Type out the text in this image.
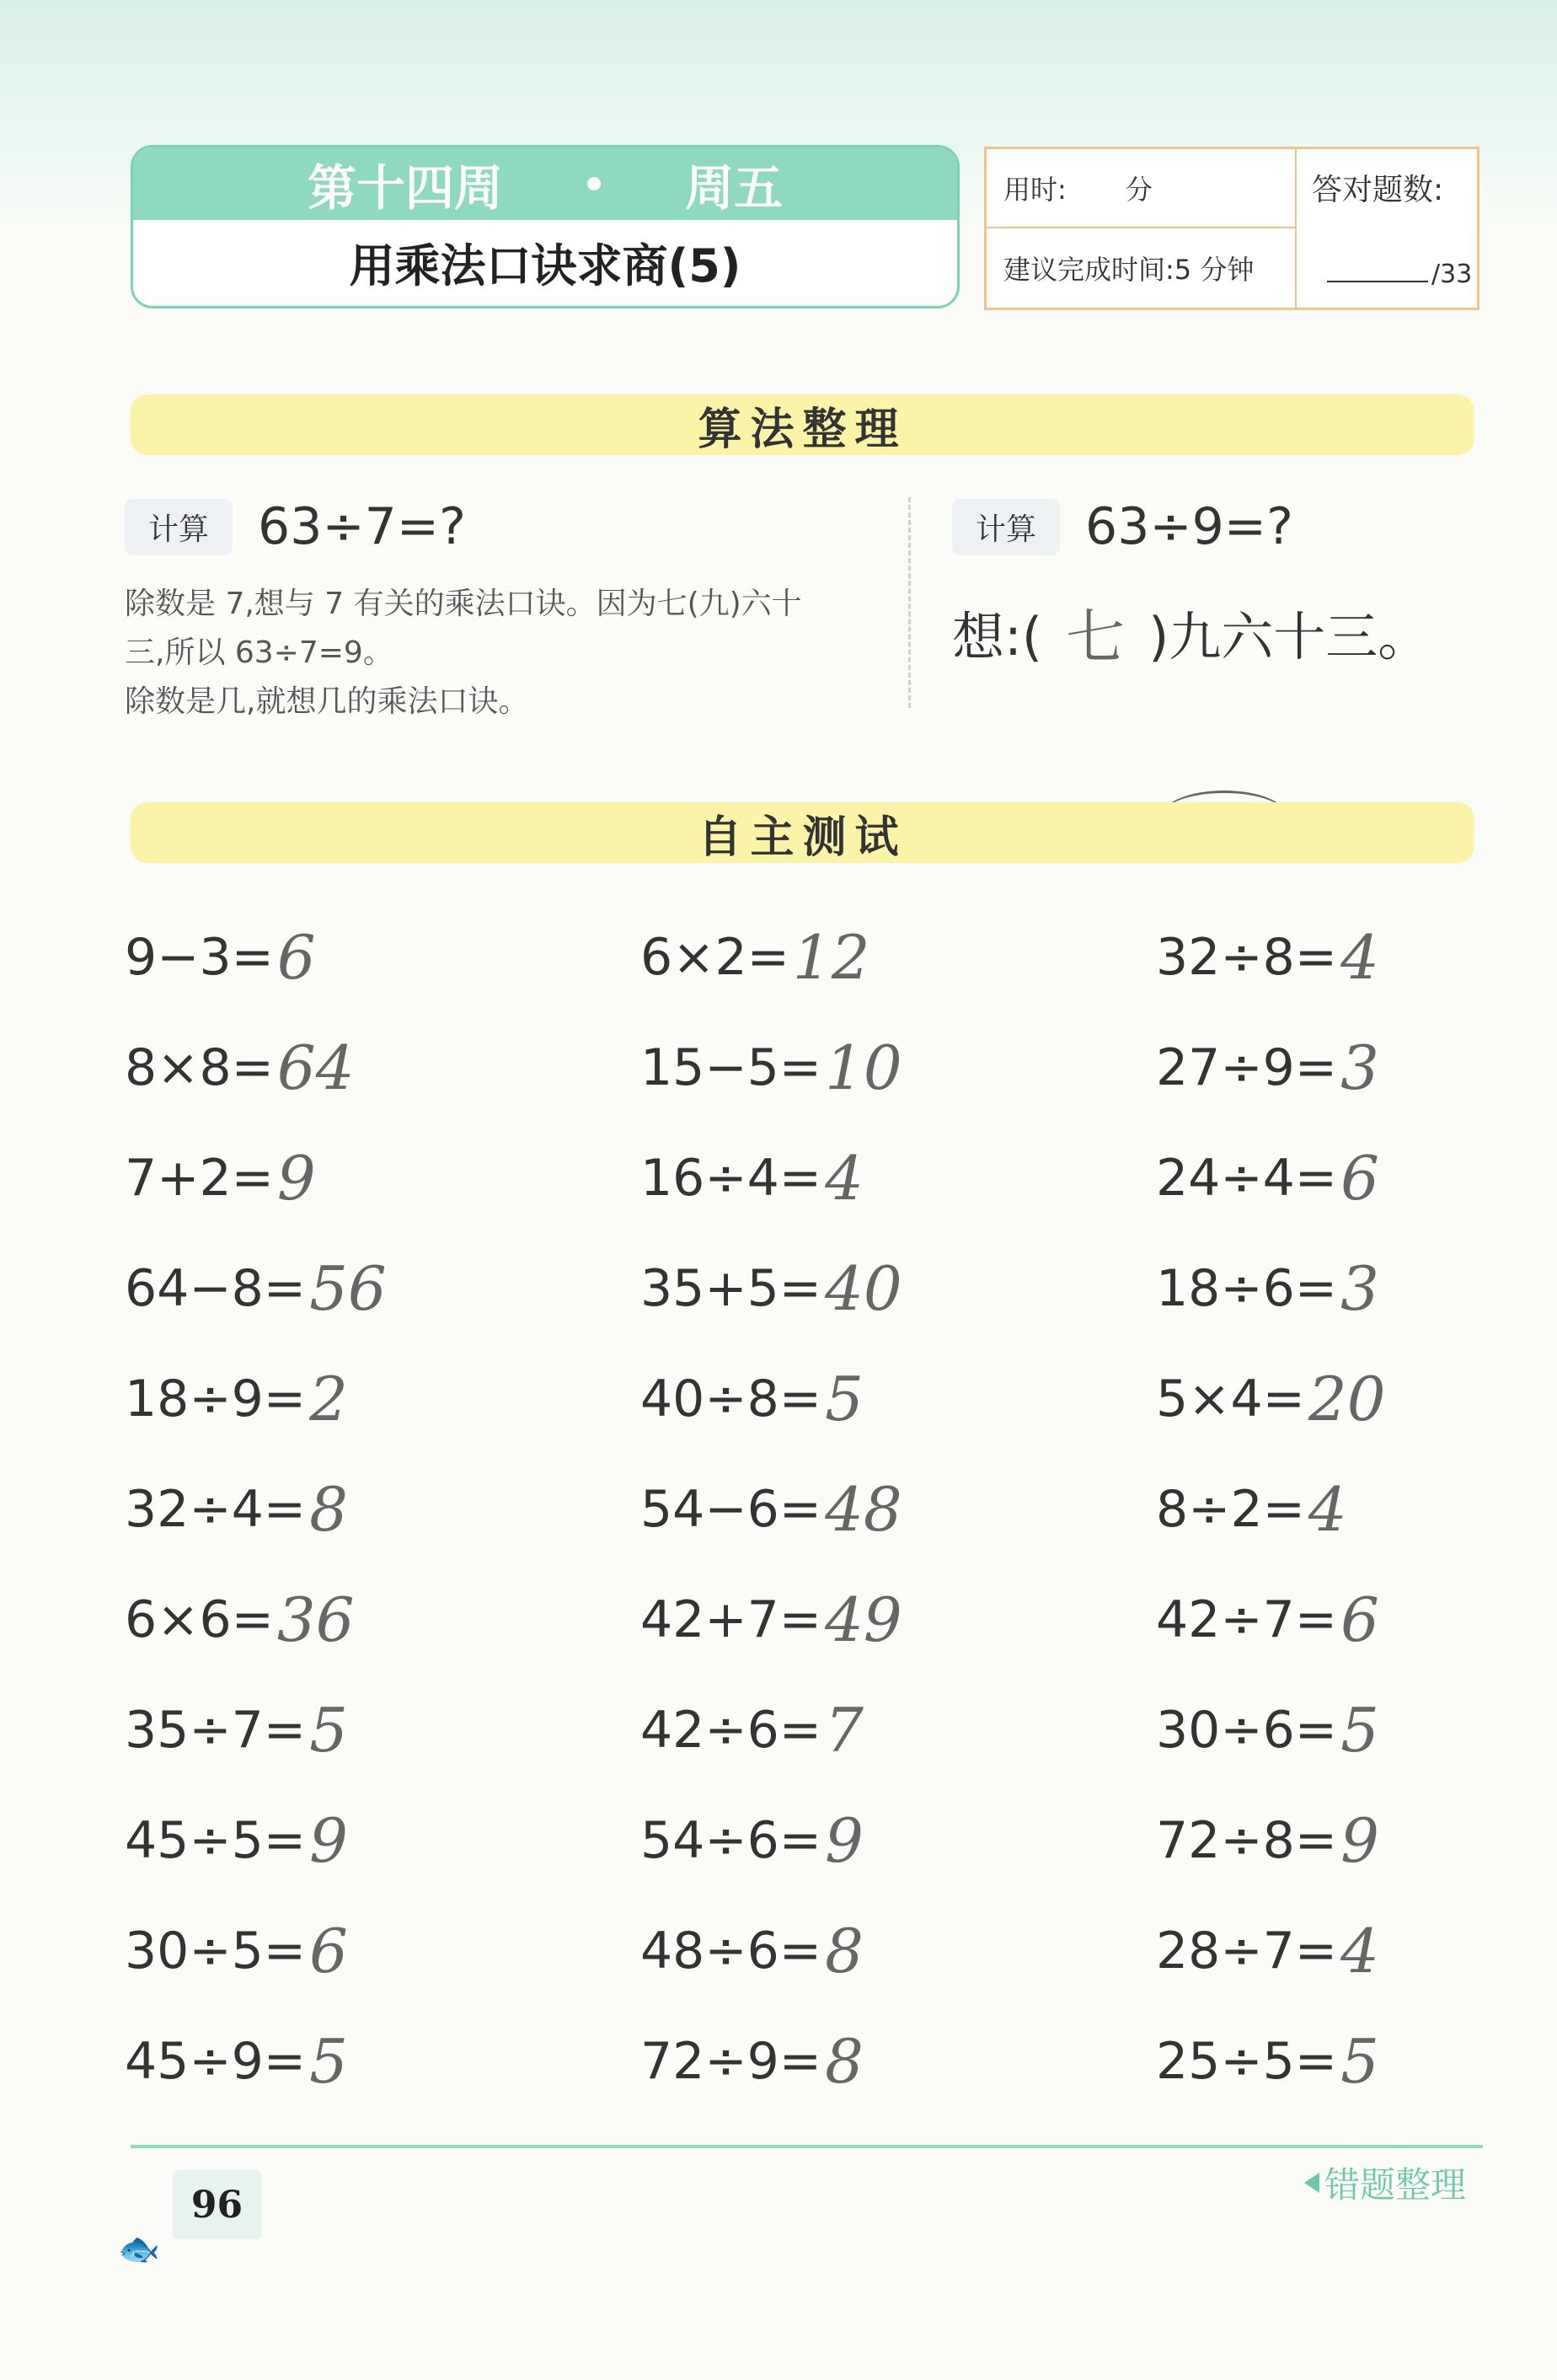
第十四周	周五
用乘法口诀求商(5)
用时: 分	答对题数:
/33
建议完成时间:5 分钟
算法整理
计算 63÷7=?
除数是 7,想与 7 有关的乘法口诀。因为七(九)六十
三,所以 63÷7=9。
除数是几,就想几的乘法口诀。
计算 63÷9=?
想:( 七 )九六十三。
自主测试
9−3= 6	6×2= 12	32÷8= 4
8×8= 64	15−5= 10	27÷9= 3
7+2= 9	16÷4= 4	24÷4= 6
64−8= 56	35+5= 40	18÷6= 3
18÷9= 2	40÷8= 5	5×4= 20
32÷4= 8	54−6= 48	8÷2= 4
6×6= 36	42+7= 49	42÷7= 6
35÷7= 5	42÷6= 7	30÷6= 5
45÷5= 9	54÷6= 9	72÷8= 9
30÷5= 6	48÷6= 8	28÷7= 4
45÷9= 5	72÷9= 8	25÷5= 5
96
🐟
错题整理
